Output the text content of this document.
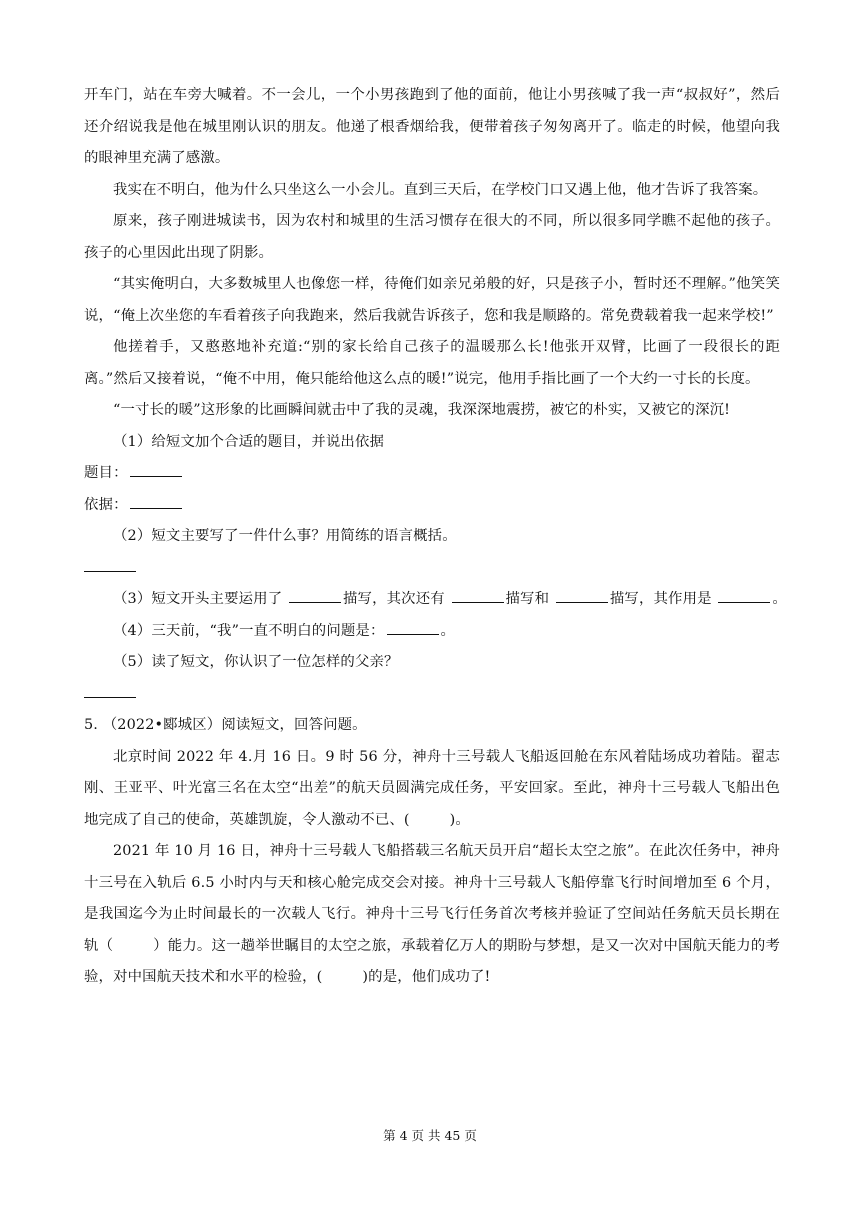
开车门，站在车旁大喊着。不一会儿，一个小男孩跑到了他的面前，他让小男孩喊了我一声“叔叔好”，然后还介绍说我是他在城里刚认识的朋友。他递了根香烟给我，便带着孩子匆匆离开了。临走的时候，他望向我的眼神里充满了感激。

我实在不明白，他为什么只坐这么一小会儿。直到三天后，在学校门口又遇上他，他才告诉了我答案。

原来，孩子刚进城读书，因为农村和城里的生活习惯存在很大的不同，所以很多同学瞧不起他的孩子。孩子的心里因此出现了阴影。

“其实俺明白，大多数城里人也像您一样，待俺们如亲兄弟般的好，只是孩子小，暂时还不理解。”他笑笑说，“俺上次坐您的车看着孩子向我跑来，然后我就告诉孩子，您和我是顺路的。常免费载着我一起来学校!”

他搓着手，又憨憨地补充道:“别的家长给自己孩子的温暖那么长!他张开双臂，比画了一段很长的距离。”然后又接着说，“俺不中用，俺只能给他这么点的暖!”说完，他用手指比画了一个大约一寸长的长度。

“一寸长的暖”这形象的比画瞬间就击中了我的灵魂，我深深地震捞，被它的朴实，又被它的深沉!

（1）给短文加个合适的题目，并说出依据

题目：

依据：

（2）短文主要写了一件什么事？用简练的语言概括。

（3）短文开头主要运用了	描写，其次还有	描写和	描写，其作用是	。

（4）三天前，“我”一直不明白的问题是：	。

（5）读了短文，你认识了一位怎样的父亲？

5. （2022•郾城区）阅读短文，回答问题。

北京时间 2022 年 4.月 16 日。9 时 56 分，神舟十三号载人飞船返回舱在东风着陆场成功着陆。翟志刚、王亚平、叶光富三名在太空“出差”的航天员圆满完成任务，平安回家。至此，神舟十三号载人飞船出色地完成了自己的使命，英雄凯旋，令人激动不已、(	)。

2021 年 10 月 16 日，神舟十三号载人飞船搭载三名航天员开启“超长太空之旅”。在此次任务中，神舟十三号在入轨后 6.5 小时内与天和核心舱完成交会对接。神舟十三号载人飞船停靠飞行时间增加至 6 个月，是我国迄今为止时间最长的一次载人飞行。神舟十三号飞行任务首次考核并验证了空间站任务航天员长期在轨（	）能力。这一趟举世瞩目的太空之旅，承载着亿万人的期盼与梦想，是又一次对中国航天能力的考验，对中国航天技术和水平的检验，(	)的是，他们成功了!

第 4 页 共 45 页
